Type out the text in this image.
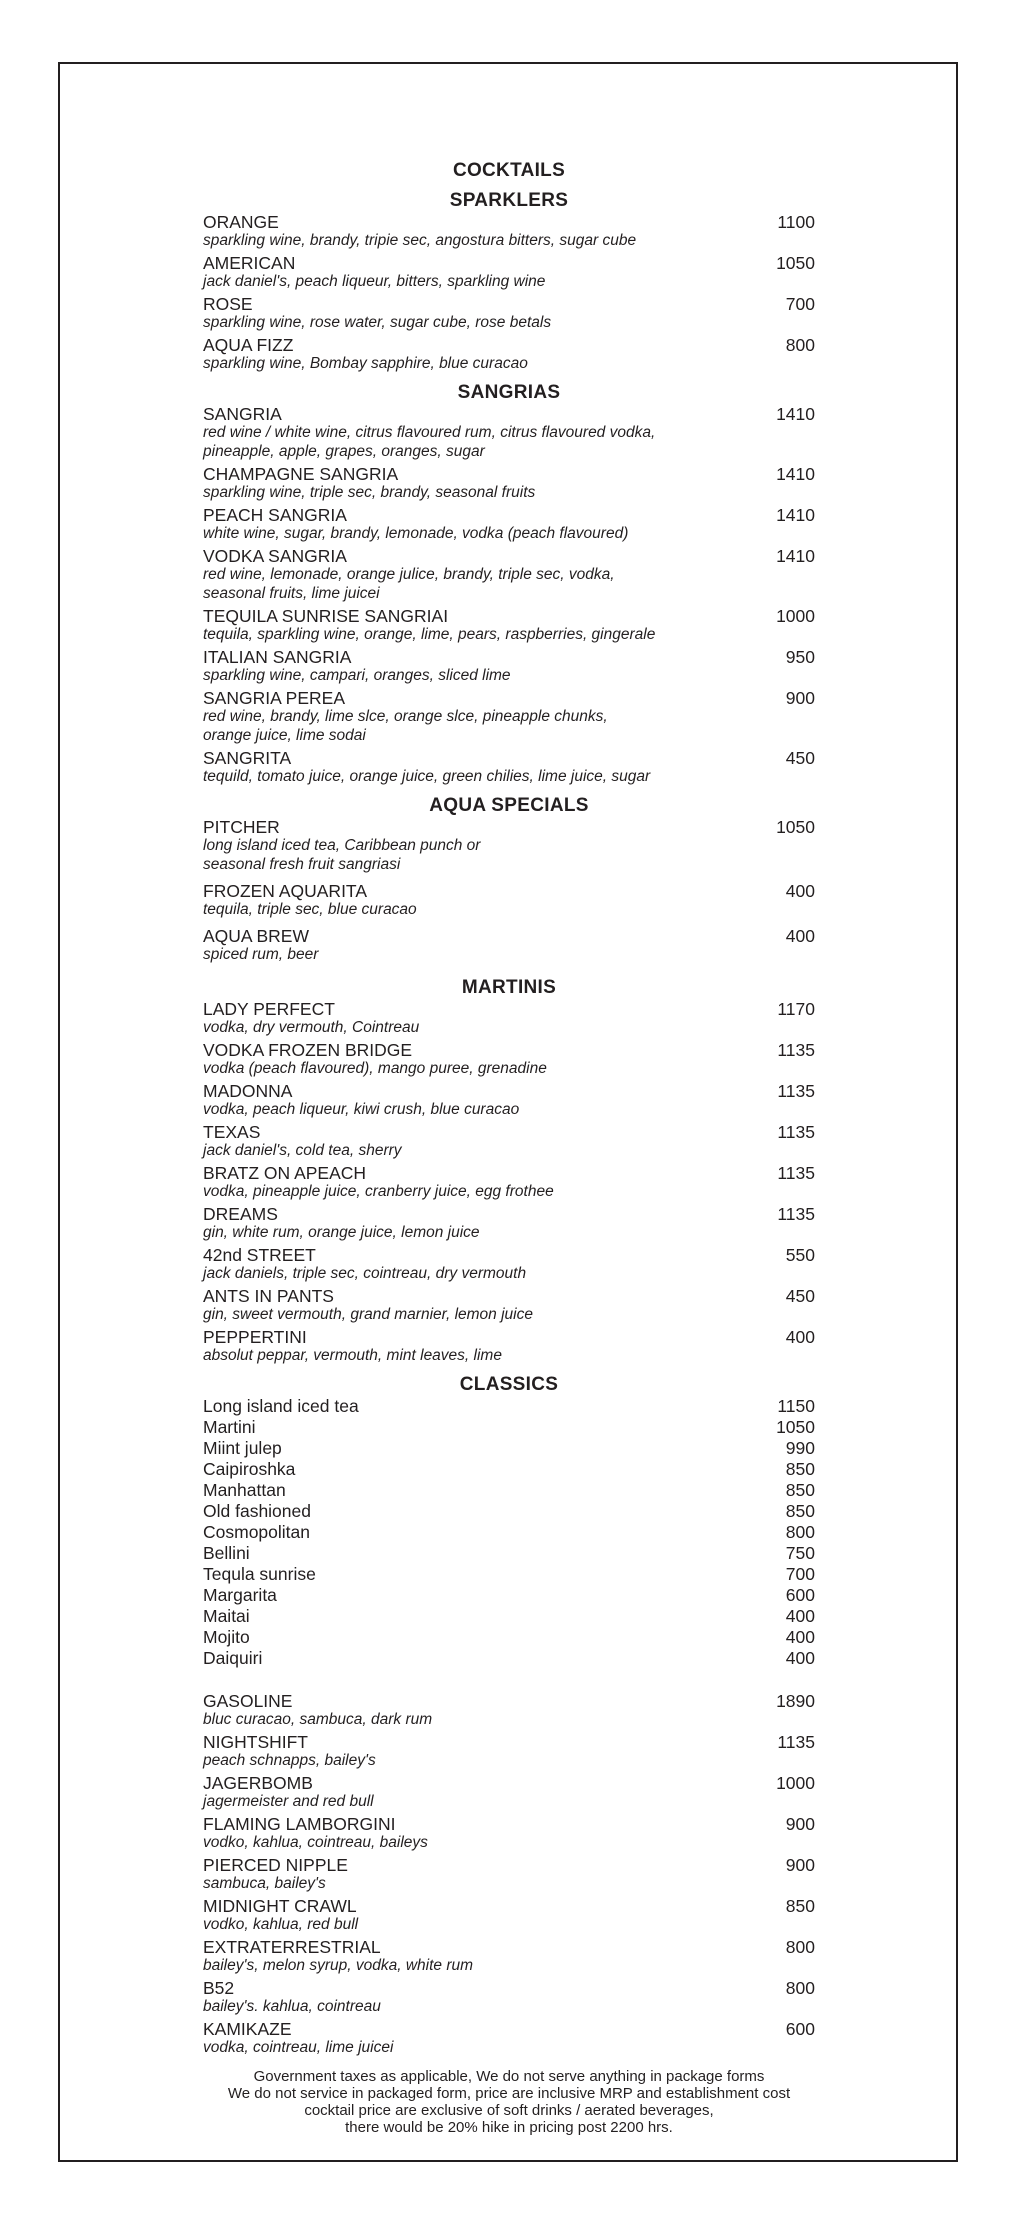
COCKTAILS
SPARKLERS
ORANGE	1100
sparkling wine, brandy, tripie sec, angostura bitters, sugar cube
AMERICAN	1050
jack daniel's, peach liqueur, bitters, sparkling wine
ROSE	700
sparkling wine, rose water, sugar cube, rose betals
AQUA FIZZ	800
sparkling wine, Bombay sapphire, blue curacao
SANGRIAS
SANGRIA	1410
red wine / white wine, citrus flavoured rum, citrus flavoured vodka,
pineapple, apple, grapes, oranges, sugar
CHAMPAGNE SANGRIA	1410
sparkling wine, triple sec, brandy, seasonal fruits
PEACH SANGRIA	1410
white wine, sugar, brandy, lemonade, vodka (peach flavoured)
VODKA SANGRIA	1410
red wine, lemonade, orange julice, brandy, triple sec, vodka,
seasonal fruits, lime juicei
TEQUILA SUNRISE SANGRIAI	1000
tequila, sparkling wine, orange, lime, pears, raspberries, gingerale
ITALIAN SANGRIA	950
sparkling wine, campari, oranges, sliced lime
SANGRIA PEREA	900
red wine, brandy, lime slce, orange slce, pineapple chunks,
orange juice, lime sodai
SANGRITA	450
tequild, tomato juice, orange juice, green chilies, lime juice, sugar
AQUA SPECIALS
PITCHER	1050
long island iced tea, Caribbean punch or
seasonal fresh fruit sangriasi
FROZEN AQUARITA	400
tequila, triple sec, blue curacao
AQUA BREW	400
spiced rum, beer
MARTINIS
LADY PERFECT	1170
vodka, dry vermouth, Cointreau
VODKA FROZEN BRIDGE	1135
vodka (peach flavoured), mango puree, grenadine
MADONNA	1135
vodka, peach liqueur, kiwi crush, blue curacao
TEXAS	1135
jack daniel's, cold tea, sherry
BRATZ ON APEACH	1135
vodka, pineapple juice, cranberry juice, egg frothee
DREAMS	1135
gin, white rum, orange juice, lemon juice
42nd STREET	550
jack daniels, triple sec, cointreau, dry vermouth
ANTS IN PANTS	450
gin, sweet vermouth, grand marnier, lemon juice
PEPPERTINI	400
absolut peppar, vermouth, mint leaves, lime
CLASSICS
Long island iced tea	1150
Martini	1050
Miint julep	990
Caipiroshka	850
Manhattan	850
Old fashioned	850
Cosmopolitan	800
Bellini	750
Tequla sunrise	700
Margarita	600
Maitai	400
Mojito	400
Daiquiri	400
GASOLINE	1890
bluc curacao, sambuca, dark rum
NIGHTSHIFT	1135
peach schnapps, bailey's
JAGERBOMB	1000
jagermeister and red bull
FLAMING LAMBORGINI	900
vodko, kahlua, cointreau, baileys
PIERCED NIPPLE	900
sambuca, bailey's
MIDNIGHT CRAWL	850
vodko, kahlua, red bull
EXTRATERRESTRIAL	800
bailey's, melon syrup, vodka, white rum
B52	800
bailey's. kahlua, cointreau
KAMIKAZE	600
vodka, cointreau, lime juicei
Government taxes as applicable, We do not serve anything in package forms
We do not service in packaged form, price are inclusive MRP and establishment cost
cocktail price are exclusive of soft drinks / aerated beverages,
there would be 20% hike in pricing post 2200 hrs.
